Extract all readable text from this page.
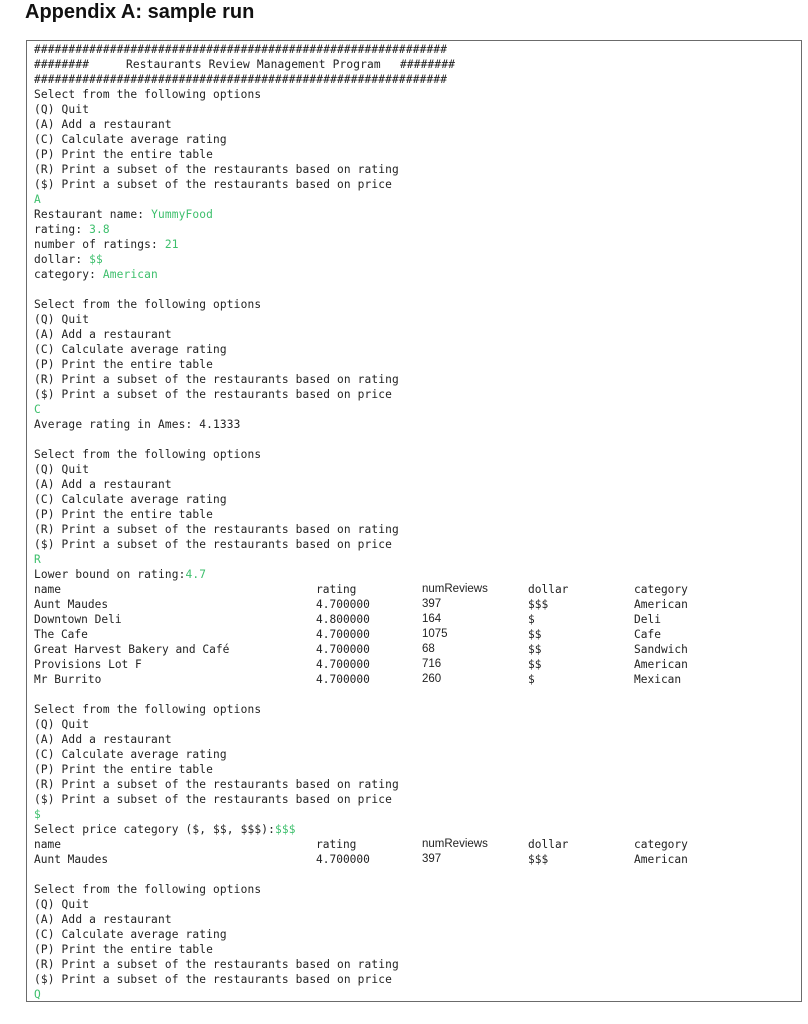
Appendix A: sample run
############################################################
########	Restaurants Review Management Program ########
############################################################
Select from the following options
(Q) Quit
(A) Add a restaurant
(C) Calculate average rating
(P) Print the entire table
(R) Print a subset of the restaurants based on rating
($) Print a subset of the restaurants based on price
A
Restaurant name: YummyFood
rating: 3.8
number of ratings: 21
dollar: $$
category: American
Select from the following options
(Q) Quit
(A) Add a restaurant
(C) Calculate average rating
(P) Print the entire table
(R) Print a subset of the restaurants based on rating
($) Print a subset of the restaurants based on price
C
Average rating in Ames: 4.1333
Select from the following options
(Q) Quit
(A) Add a restaurant
(C) Calculate average rating
(P) Print the entire table
(R) Print a subset of the restaurants based on rating
($) Print a subset of the restaurants based on price
R
Lower bound on rating:4.7
name	rating	numReviews	dollar	category
Aunt Maudes	4.700000	397	$$$	American
Downtown Deli	4.800000	164	$	Deli
The Cafe	4.700000	1075	$$	Cafe
Great Harvest Bakery and Café	4.700000	68	$$	Sandwich
Provisions Lot F	4.700000	716	$$	American
Mr Burrito	4.700000	260	$	Mexican
Select from the following options
(Q) Quit
(A) Add a restaurant
(C) Calculate average rating
(P) Print the entire table
(R) Print a subset of the restaurants based on rating
($) Print a subset of the restaurants based on price
$
Select price category ($, $$, $$$):$$$
name	rating	numReviews	dollar	category
Aunt Maudes	4.700000	397	$$$	American
Select from the following options
(Q) Quit
(A) Add a restaurant
(C) Calculate average rating
(P) Print the entire table
(R) Print a subset of the restaurants based on rating
($) Print a subset of the restaurants based on price
Q
